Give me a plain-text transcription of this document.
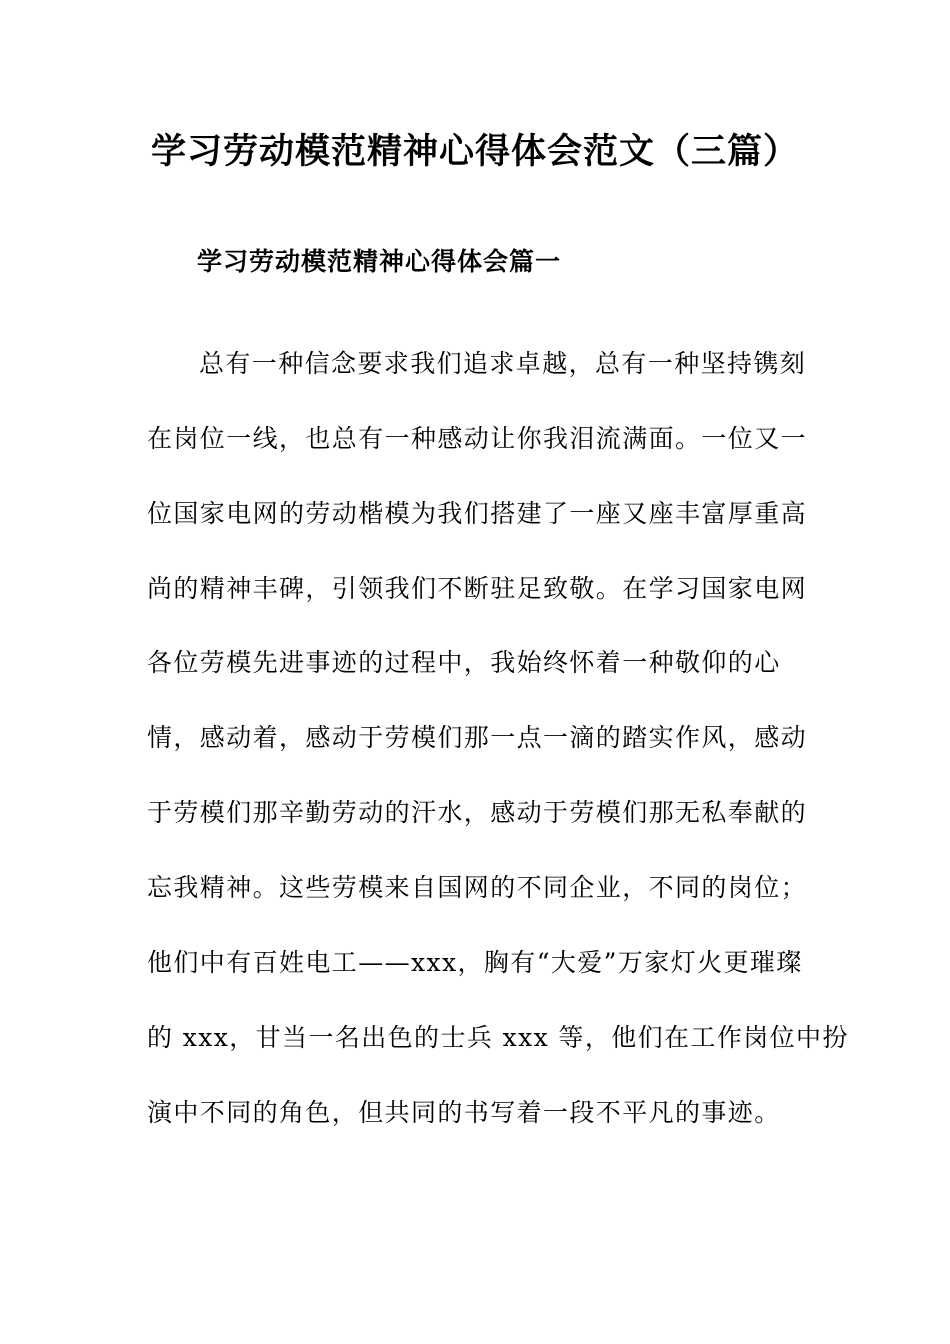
学习劳动模范精神心得体会范文（三篇）
学习劳动模范精神心得体会篇一
总有一种信念要求我们追求卓越，总有一种坚持镌刻
在岗位一线，也总有一种感动让你我泪流满面。一位又一
位国家电网的劳动楷模为我们搭建了一座又座丰富厚重高
尚的精神丰碑，引领我们不断驻足致敬。在学习国家电网
各位劳模先进事迹的过程中，我始终怀着一种敬仰的心
情，感动着，感动于劳模们那一点一滴的踏实作风，感动
于劳模们那辛勤劳动的汗水，感动于劳模们那无私奉献的
忘我精神。这些劳模来自国网的不同企业，不同的岗位；
他们中有百姓电工——xxx，胸有“大爱”万家灯火更璀璨
的 xxx，甘当一名出色的士兵 xxx 等，他们在工作岗位中扮
演中不同的角色，但共同的书写着一段不平凡的事迹。
